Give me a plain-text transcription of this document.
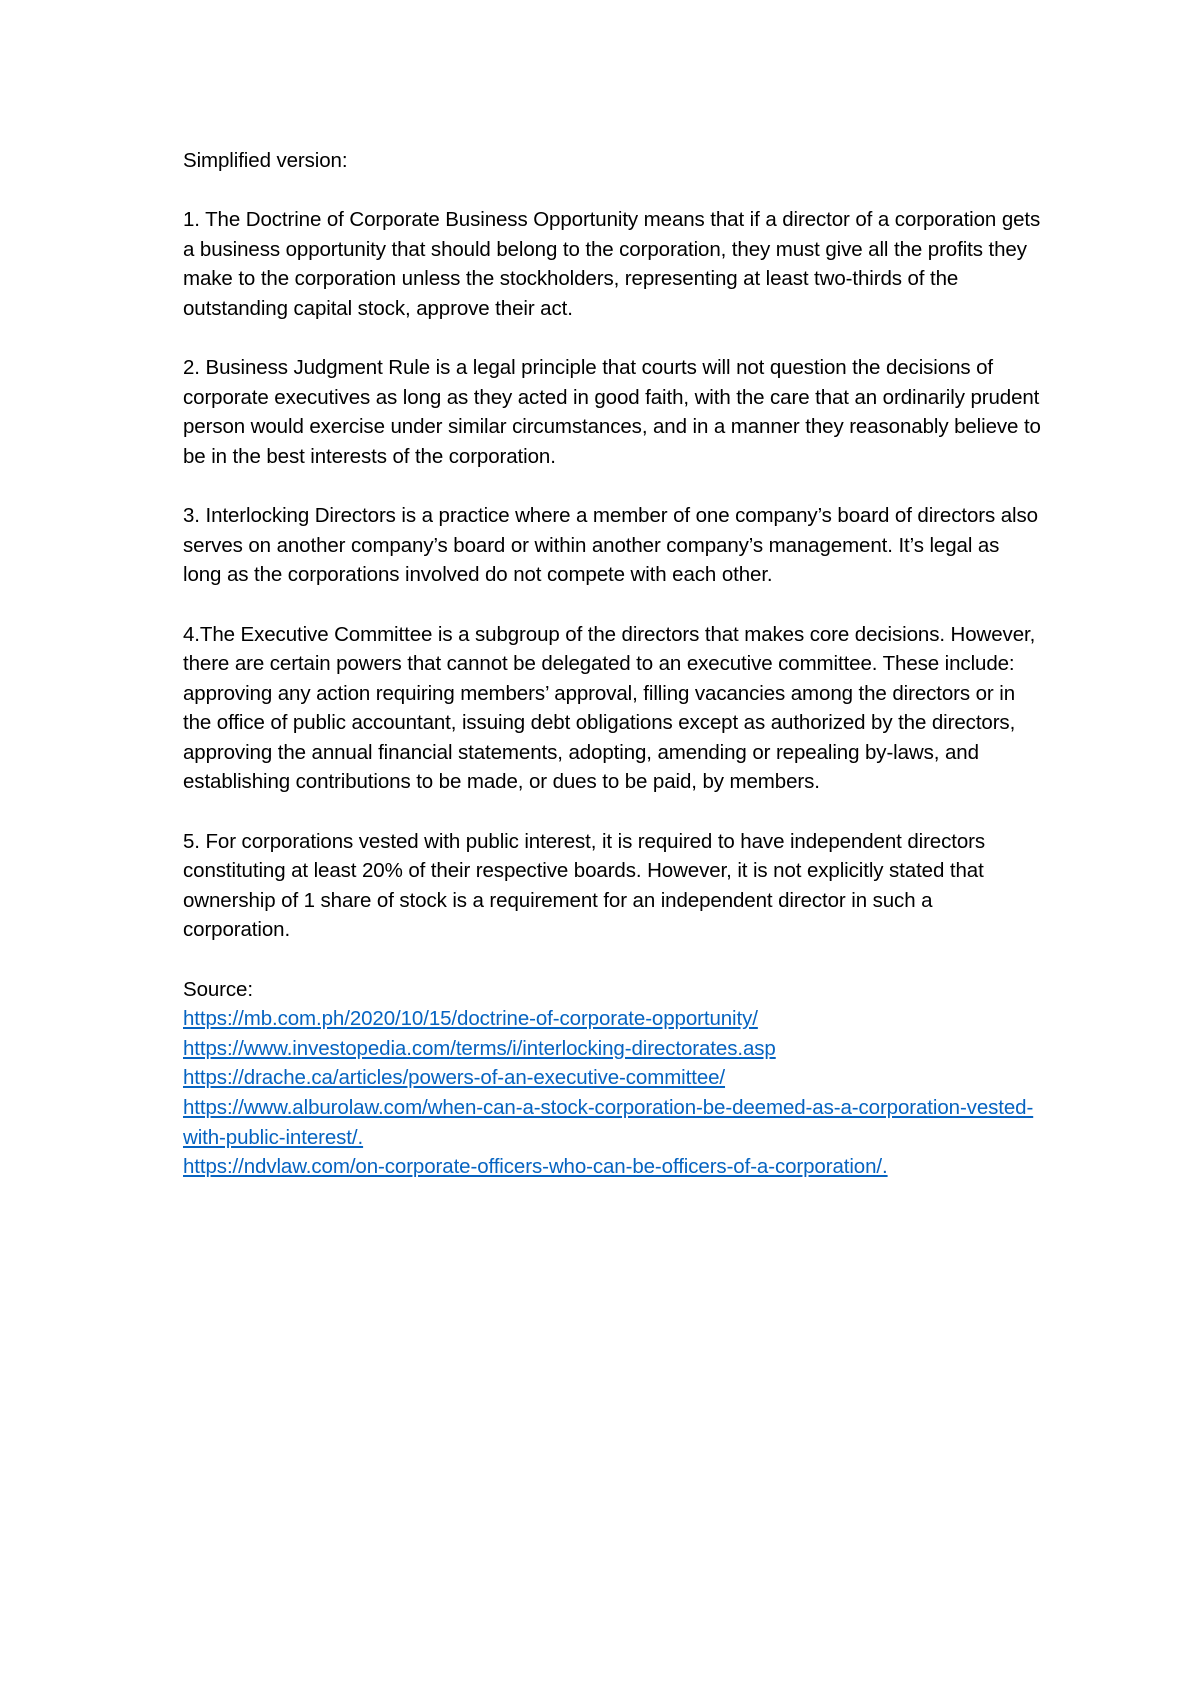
Simplified version:

1. The Doctrine of Corporate Business Opportunity means that if a director of a corporation gets a business opportunity that should belong to the corporation, they must give all the profits they make to the corporation unless the stockholders, representing at least two-thirds of the outstanding capital stock, approve their act.

2. Business Judgment Rule is a legal principle that courts will not question the decisions of corporate executives as long as they acted in good faith, with the care that an ordinarily prudent person would exercise under similar circumstances, and in a manner they reasonably believe to be in the best interests of the corporation.

3. Interlocking Directors is a practice where a member of one company’s board of directors also serves on another company’s board or within another company’s management. It’s legal as long as the corporations involved do not compete with each other.

4.The Executive Committee is a subgroup of the directors that makes core decisions. However, there are certain powers that cannot be delegated to an executive committee. These include: approving any action requiring members’ approval, filling vacancies among the directors or in the office of public accountant, issuing debt obligations except as authorized by the directors, approving the annual financial statements, adopting, amending or repealing by-laws, and establishing contributions to be made, or dues to be paid, by members.

5. For corporations vested with public interest, it is required to have independent directors constituting at least 20% of their respective boards. However, it is not explicitly stated that ownership of 1 share of stock is a requirement for an independent director in such a corporation.

Source:

https://mb.com.ph/2020/10/15/doctrine-of-corporate-opportunity/
https://www.investopedia.com/terms/i/interlocking-directorates.asp
https://drache.ca/articles/powers-of-an-executive-committee/
https://www.alburolaw.com/when-can-a-stock-corporation-be-deemed-as-a-corporation-vested-with-public-interest/.
https://ndvlaw.com/on-corporate-officers-who-can-be-officers-of-a-corporation/.
